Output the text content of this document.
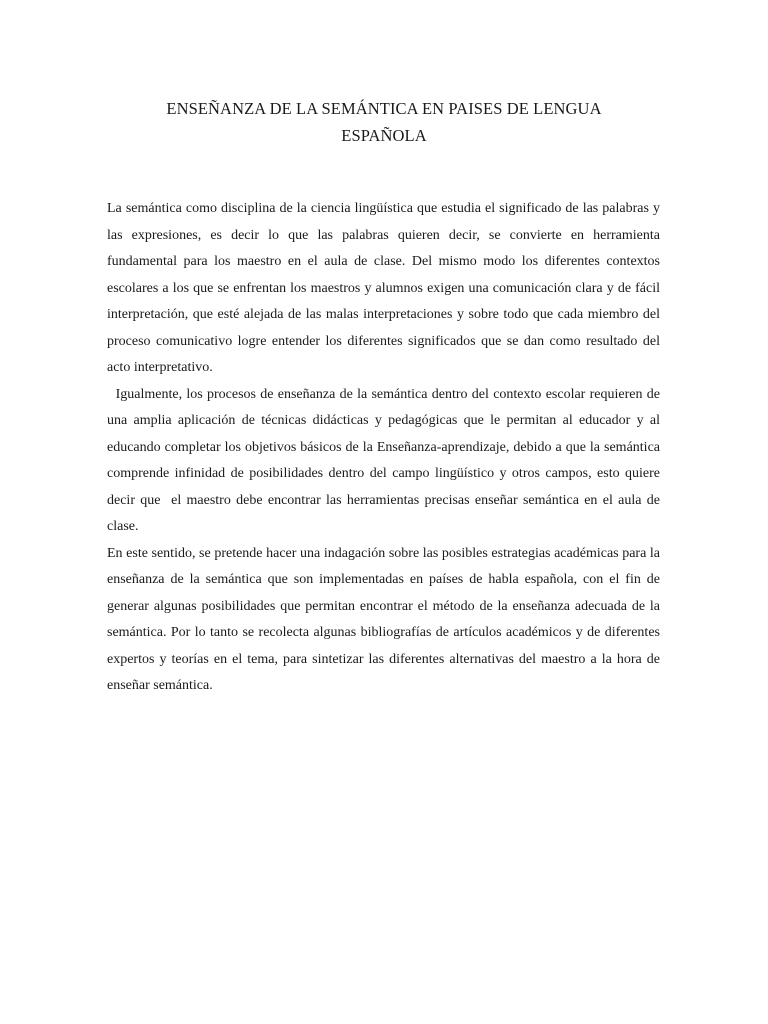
ENSEÑANZA DE LA SEMÁNTICA EN PAISES DE LENGUA
ESPAÑOLA

La semántica como disciplina de la ciencia lingüística que estudia el significado de las palabras y las expresiones, es decir lo que las palabras quieren decir, se convierte en herramienta fundamental para los maestro en el aula de clase. Del mismo modo los diferentes contextos escolares a los que se enfrentan los maestros y alumnos exigen una comunicación clara y de fácil interpretación, que esté alejada de las malas interpretaciones y sobre todo que cada miembro del proceso comunicativo logre entender los diferentes significados que se dan como resultado del acto interpretativo.

Igualmente, los procesos de enseñanza de la semántica dentro del contexto escolar requieren de una amplia aplicación de técnicas didácticas y pedagógicas que le permitan al educador y al educando completar los objetivos básicos de la Enseñanza-aprendizaje, debido a que la semántica comprende infinidad de posibilidades dentro del campo lingüístico y otros campos, esto quiere decir que  el maestro debe encontrar las herramientas precisas enseñar semántica en el aula de clase.

En este sentido, se pretende hacer una indagación sobre las posibles estrategias académicas para la enseñanza de la semántica que son implementadas en países de habla española, con el fin de generar algunas posibilidades que permitan encontrar el método de la enseñanza adecuada de la semántica. Por lo tanto se recolecta algunas bibliografías de artículos académicos y de diferentes expertos y teorías en el tema, para sintetizar las diferentes alternativas del maestro a la hora de enseñar semántica.
